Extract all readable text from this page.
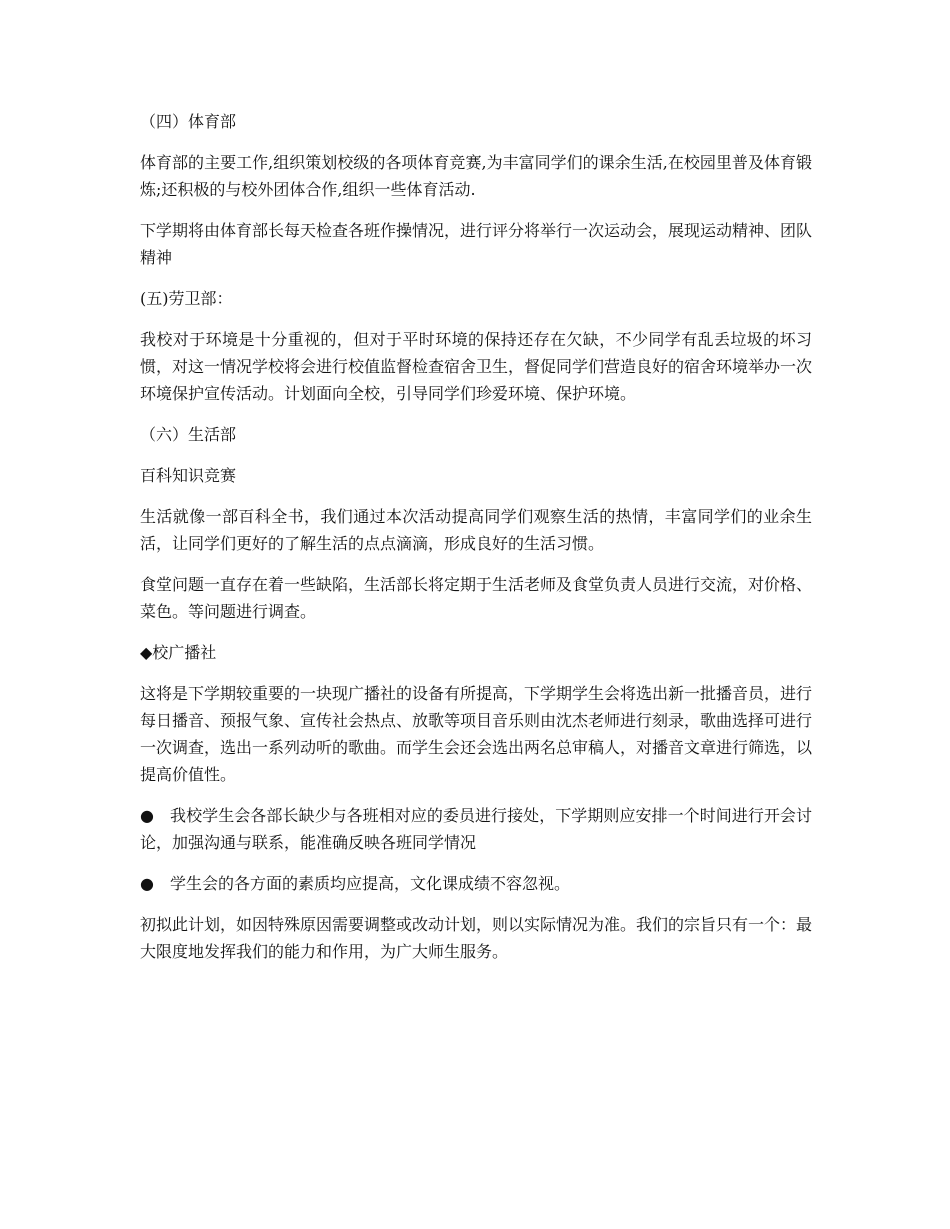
（四）体育部

体育部的主要工作,组织策划校级的各项体育竞赛,为丰富同学们的课余生活,在校园里普及体育锻炼;还积极的与校外团体合作,组织一些体育活动.

下学期将由体育部长每天检查各班作操情况，进行评分将举行一次运动会，展现运动精神、团队精神

(五)劳卫部：

我校对于环境是十分重视的，但对于平时环境的保持还存在欠缺，不少同学有乱丢垃圾的坏习惯，对这一情况学校将会进行校值监督检查宿舍卫生，督促同学们营造良好的宿舍环境举办一次环境保护宣传活动。计划面向全校，引导同学们珍爱环境、保护环境。

（六）生活部

百科知识竞赛

生活就像一部百科全书，我们通过本次活动提高同学们观察生活的热情，丰富同学们的业余生活，让同学们更好的了解生活的点点滴滴，形成良好的生活习惯。

食堂问题一直存在着一些缺陷，生活部长将定期于生活老师及食堂负责人员进行交流，对价格、菜色。等问题进行调查。

◆校广播社

这将是下学期较重要的一块现广播社的设备有所提高，下学期学生会将选出新一批播音员，进行每日播音、预报气象、宣传社会热点、放歌等项目音乐则由沈杰老师进行刻录，歌曲选择可进行一次调查，选出一系列动听的歌曲。而学生会还会选出两名总审稿人，对播音文章进行筛选，以提高价值性。

● 我校学生会各部长缺少与各班相对应的委员进行接处，下学期则应安排一个时间进行开会讨论，加强沟通与联系，能准确反映各班同学情况

● 学生会的各方面的素质均应提高，文化课成绩不容忽视。

初拟此计划，如因特殊原因需要调整或改动计划，则以实际情况为准。我们的宗旨只有一个：最大限度地发挥我们的能力和作用，为广大师生服务。
